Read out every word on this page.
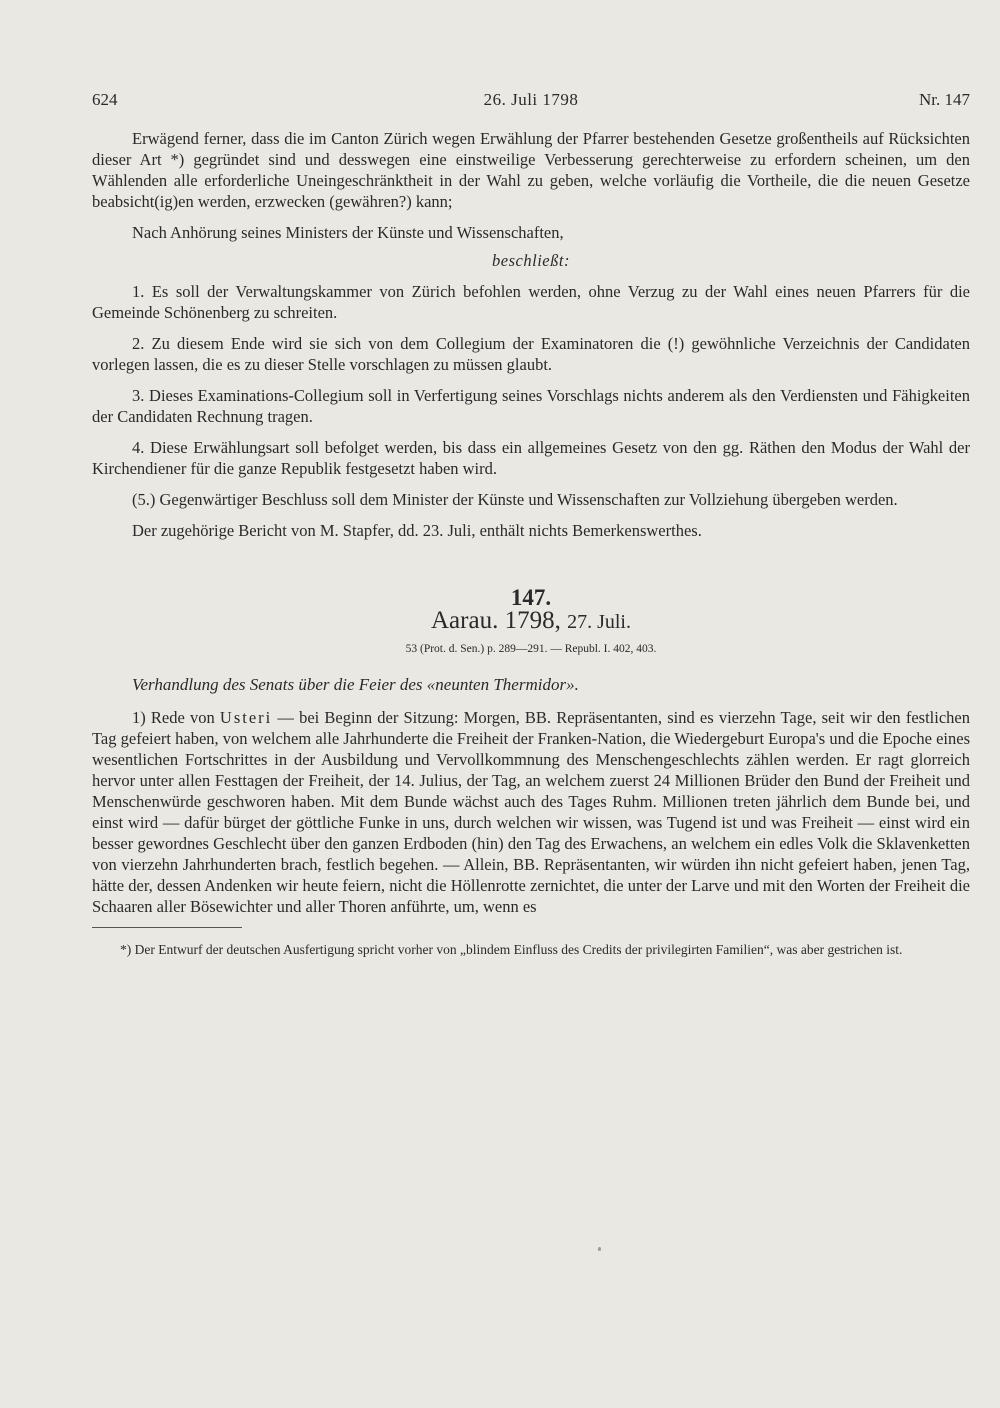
624	26. Juli 1798	Nr. 147

Erwägend ferner, dass die im Canton Zürich wegen Erwählung der Pfarrer bestehenden Gesetze großentheils auf Rücksichten dieser Art *) gegründet sind und desswegen eine einstweilige Verbesserung gerechterweise zu erfordern scheinen, um den Wählenden alle erforderliche Uneingeschränktheit in der Wahl zu geben, welche vorläufig die Vortheile, die die neuen Gesetze beabsicht(ig)en werden, erzwecken (gewähren?) kann;

Nach Anhörung seines Ministers der Künste und Wissenschaften,

beschließt:

1. Es soll der Verwaltungskammer von Zürich befohlen werden, ohne Verzug zu der Wahl eines neuen Pfarrers für die Gemeinde Schönenberg zu schreiten.

2. Zu diesem Ende wird sie sich von dem Collegium der Examinatoren die (!) gewöhnliche Verzeichnis der Candidaten vorlegen lassen, die es zu dieser Stelle vorschlagen zu müssen glaubt.

3. Dieses Examinations-Collegium soll in Verfertigung seines Vorschlags nichts anderem als den Verdiensten und Fähigkeiten der Candidaten Rechnung tragen.

4. Diese Erwählungsart soll befolget werden, bis dass ein allgemeines Gesetz von den gg. Räthen den Modus der Wahl der Kirchendiener für die ganze Republik festgesetzt haben wird.

(5.) Gegenwärtiger Beschluss soll dem Minister der Künste und Wissenschaften zur Vollziehung übergeben werden.

Der zugehörige Bericht von M. Stapfer, dd. 23. Juli, enthält nichts Bemerkenswerthes.

147.
Aarau. 1798, 27. Juli.
53 (Prot. d. Sen.) p. 289—291. — Republ. I. 402, 403.

Verhandlung des Senats über die Feier des «neunten Thermidor».

1) Rede von Usteri — bei Beginn der Sitzung: Morgen, BB. Repräsentanten, sind es vierzehn Tage, seit wir den festlichen Tag gefeiert haben, von welchem alle Jahrhunderte die Freiheit der Franken-Nation, die Wiedergeburt Europa's und die Epoche eines wesentlichen Fortschrittes in der Ausbildung und Vervollkommnung des Menschengeschlechts zählen werden. Er ragt glorreich hervor unter allen Festtagen der Freiheit, der 14. Julius, der Tag, an welchem zuerst 24 Millionen Brüder den Bund der Freiheit und Menschenwürde geschworen haben. Mit dem Bunde wächst auch des Tages Ruhm. Millionen treten jährlich dem Bunde bei, und einst wird — dafür bürget der göttliche Funke in uns, durch welchen wir wissen, was Tugend ist und was Freiheit — einst wird ein besser gewordnes Geschlecht über den ganzen Erdboden (hin) den Tag des Erwachens, an welchem ein edles Volk die Sklavenketten von vierzehn Jahrhunderten brach, festlich begehen. — Allein, BB. Repräsentanten, wir würden ihn nicht gefeiert haben, jenen Tag, hätte der, dessen Andenken wir heute feiern, nicht die Höllenrotte zernichtet, die unter der Larve und mit den Worten der Freiheit die Schaaren aller Bösewichter und aller Thoren anführte, um, wenn es

*) Der Entwurf der deutschen Ausfertigung spricht vorher von „blindem Einfluss des Credits der privilegirten Familien“, was aber gestrichen ist.
